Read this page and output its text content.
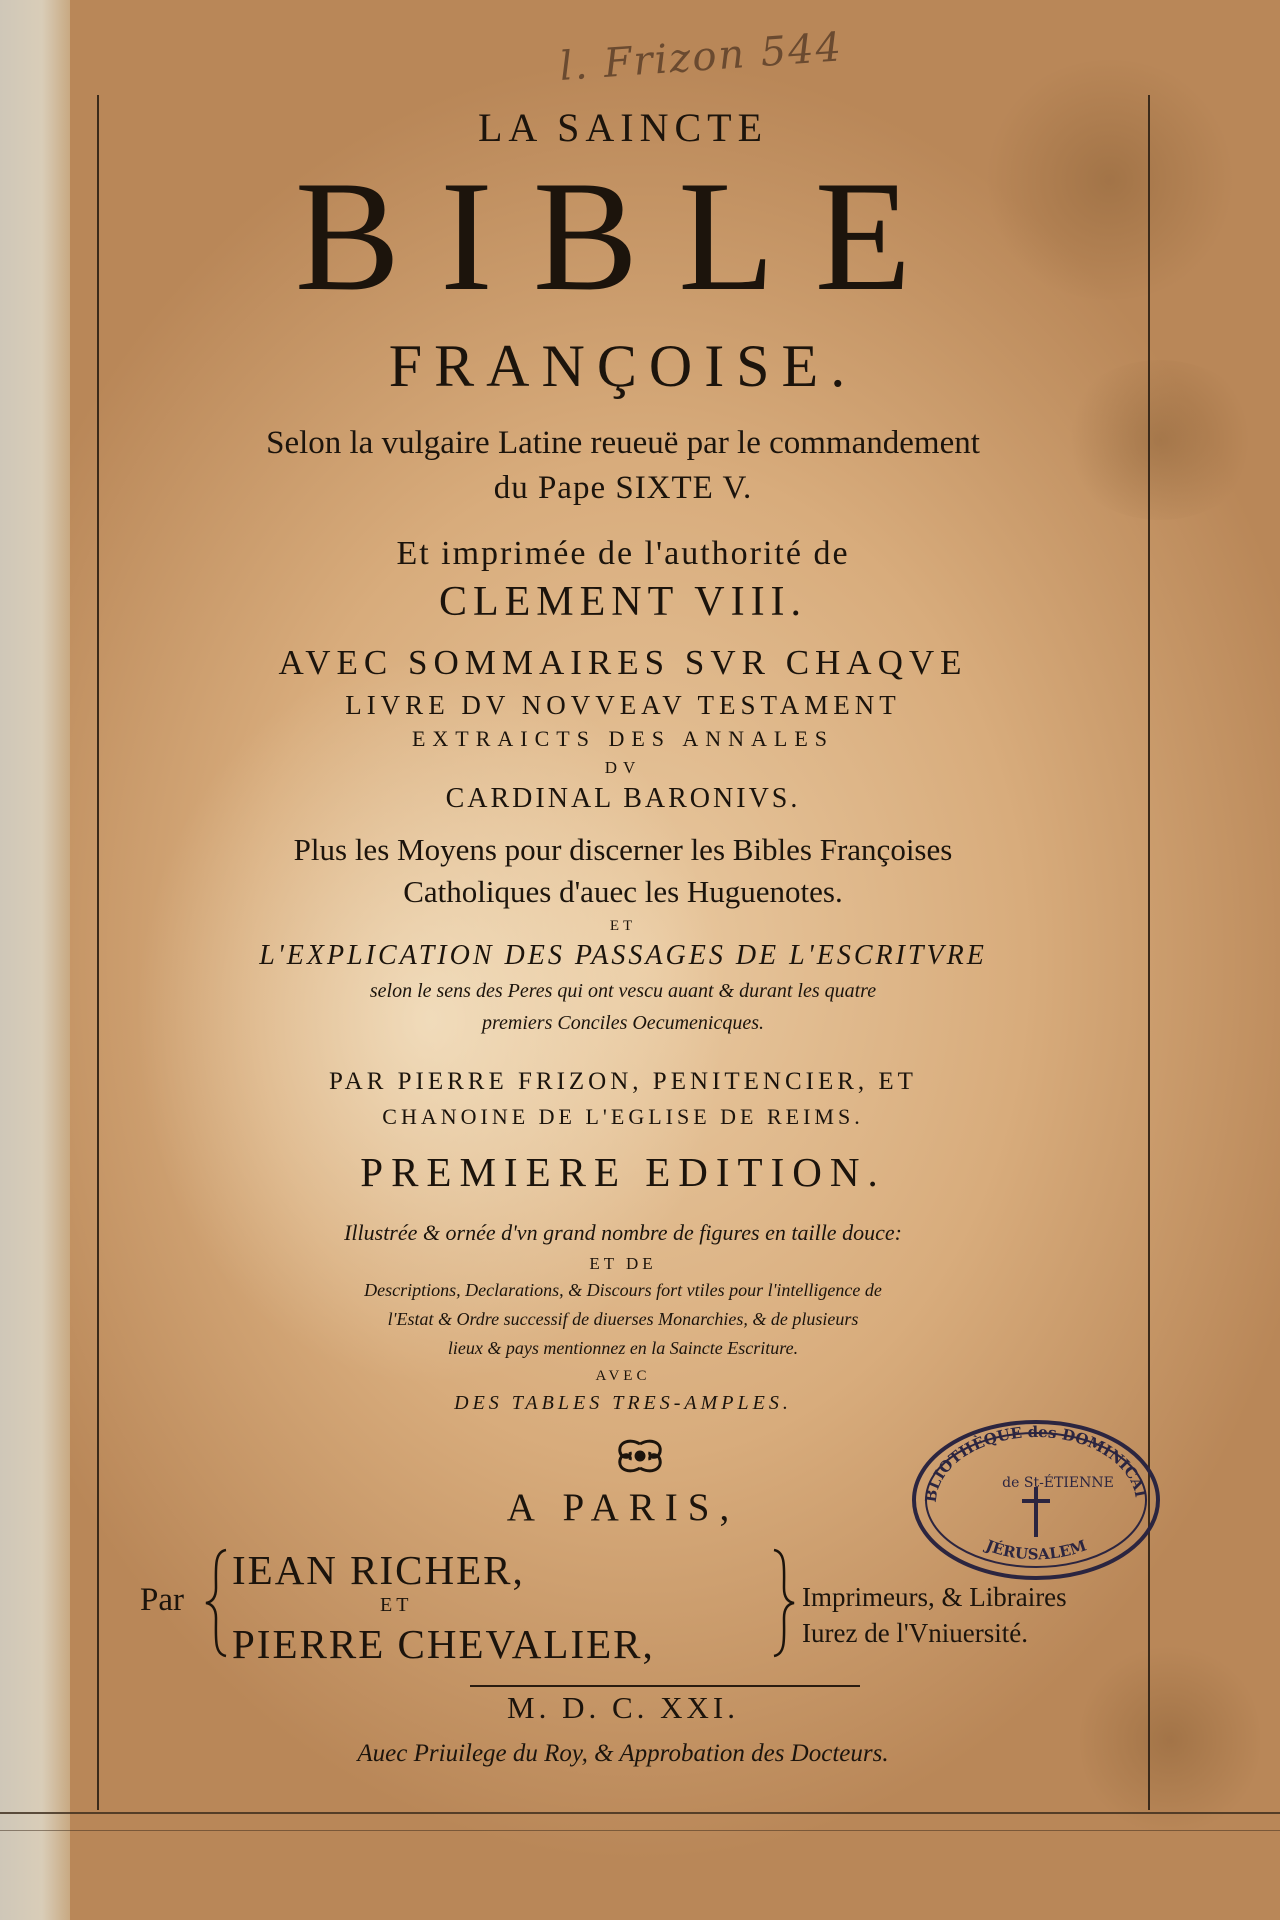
l. Frizon 544
LA SAINCTE
BIBLE
FRANÇOISE.
Selon la vulgaire Latine reueuë par le commandement
du Pape SIXTE V.
Et imprimée de l'authorité de
CLEMENT VIII.
AVEC SOMMAIRES SVR CHAQVE
LIVRE DV NOVVEAV TESTAMENT
EXTRAICTS DES ANNALES
DV
CARDINAL BARONIVS.
Plus les Moyens pour discerner les Bibles Françoises
Catholiques d'auec les Huguenotes.
ET
L'EXPLICATION DES PASSAGES DE L'ESCRITVRE
selon le sens des Peres qui ont vescu auant & durant les quatre
premiers Conciles Oecumenicques.
PAR PIERRE FRIZON, PENITENCIER, ET
CHANOINE DE L'EGLISE DE REIMS.
PREMIERE EDITION.
Illustrée & ornée d'vn grand nombre de figures en taille douce:
ET DE
Descriptions, Declarations, & Discours fort vtiles pour l'intelligence de
l'Estat & Ordre successif de diuerses Monarchies, & de plusieurs
lieux & pays mentionnez en la Saincte Escriture.
AVEC
DES TABLES TRES-AMPLES.
A PARIS,
Par
IEAN RICHER,
ET
PIERRE CHEVALIER,
Imprimeurs, & Libraires
Iurez de l'Vniuersité.
M. D. C. XXI.
Auec Priuilege du Roy, & Approbation des Docteurs.
BLIOTHÈQUE des DOMINICAI
de St-ÉTIENNE
JÉRUSALEM
